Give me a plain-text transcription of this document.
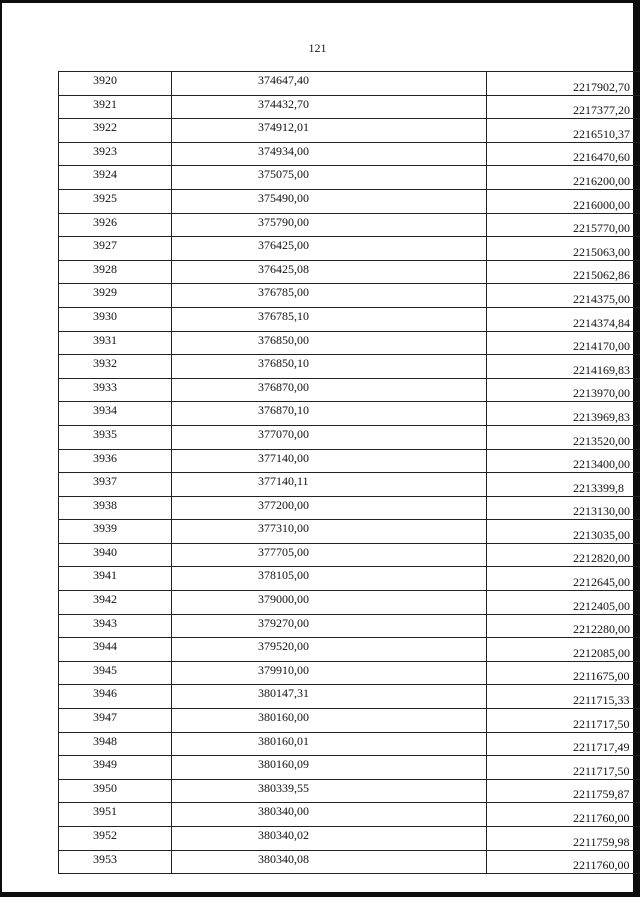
121
3920	374647,40	2217902,70
3921	374432,70	2217377,20
3922	374912,01	2216510,37
3923	374934,00	2216470,60
3924	375075,00	2216200,00
3925	375490,00	2216000,00
3926	375790,00	2215770,00
3927	376425,00	2215063,00
3928	376425,08	2215062,86
3929	376785,00	2214375,00
3930	376785,10	2214374,84
3931	376850,00	2214170,00
3932	376850,10	2214169,83
3933	376870,00	2213970,00
3934	376870,10	2213969,83
3935	377070,00	2213520,00
3936	377140,00	2213400,00
3937	377140,11	2213399,8
3938	377200,00	2213130,00
3939	377310,00	2213035,00
3940	377705,00	2212820,00
3941	378105,00	2212645,00
3942	379000,00	2212405,00
3943	379270,00	2212280,00
3944	379520,00	2212085,00
3945	379910,00	2211675,00
3946	380147,31	2211715,33
3947	380160,00	2211717,50
3948	380160,01	2211717,49
3949	380160,09	2211717,50
3950	380339,55	2211759,87
3951	380340,00	2211760,00
3952	380340,02	2211759,98
3953	380340,08	2211760,00
